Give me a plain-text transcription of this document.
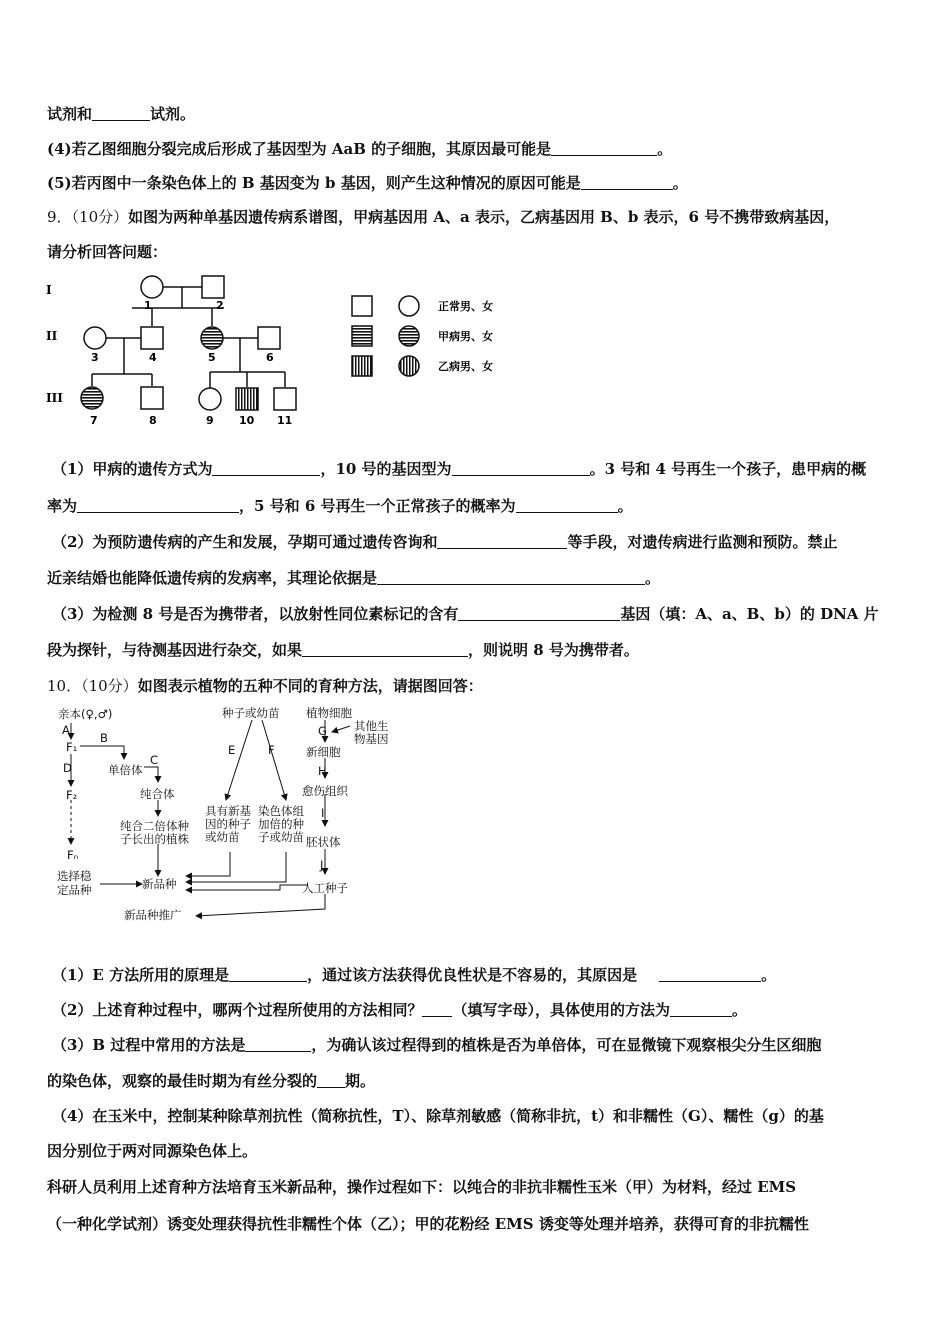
试剂和	试剂。
(4)若乙图细胞分裂完成后形成了基因型为 AaB 的子细胞，其原因最可能是	。
(5)若丙图中一条染色体上的 B 基因变为 b 基因，则产生这种情况的原因可能是	。
9．（10分）如图为两种单基因遗传病系谱图，甲病基因用 A、a 表示，乙病基因用 B、b 表示，6 号不携带致病基因，
请分析回答问题：
I
II
III
1	2
3	4	5	6
7	8	9 10 11
正常男、女
甲病男、女
乙病男、女
（1）甲病的遗传方式为	，10 号的基因型为	。3 号和 4 号再生一个孩子，患甲病的概
率为	，5 号和 6 号再生一个正常孩子的概率为	。
（2）为预防遗传病的产生和发展，孕期可通过遗传咨询和	等手段，对遗传病进行监测和预防。禁止
近亲结婚也能降低遗传病的发病率，其理论依据是	。
（3）为检测 8 号是否为携带者，以放射性同位素标记的含有	基因（填：A、a、B、b）的 DNA 片
段为探针，与待测基因进行杂交，如果	，则说明 8 号为携带者。
10．（10分）如图表示植物的五种不同的育种方法，请据图回答：
亲本(♀,♂)
A
F₁
B
单倍体
C
纯合体
D
F₂
Fₙ
选择稳
定品种
纯合二倍体种
子长出的植株
种子或幼苗
E	F
具有新基
因的种子
或幼苗
染色体组
加倍的种
子或幼苗
新品种
新品种推广
植物细胞
其他生
物基因
G
新细胞
H
愈伤组织
I
胚状体
J
人工种子
（1）E 方法所用的原理是	，通过该方法获得优良性状是不容易的，其原因是	。
（2）上述育种过程中，哪两个过程所使用的方法相同？ （填写字母），具体使用的方法为	。
（3）B 过程中常用的方法是	，为确认该过程得到的植株是否为单倍体，可在显微镜下观察根尖分生区细胞
的染色体，观察的最佳时期为有丝分裂的 期。
（4）在玉米中，控制某种除草剂抗性（简称抗性，T）、除草剂敏感（简称非抗，t）和非糯性（G）、糯性（g）的基
因分别位于两对同源染色体上。
科研人员利用上述育种方法培育玉米新品种，操作过程如下：以纯合的非抗非糯性玉米（甲）为材料，经过 EMS
（一种化学试剂）诱变处理获得抗性非糯性个体（乙）；甲的花粉经 EMS 诱变等处理并培养，获得可育的非抗糯性
